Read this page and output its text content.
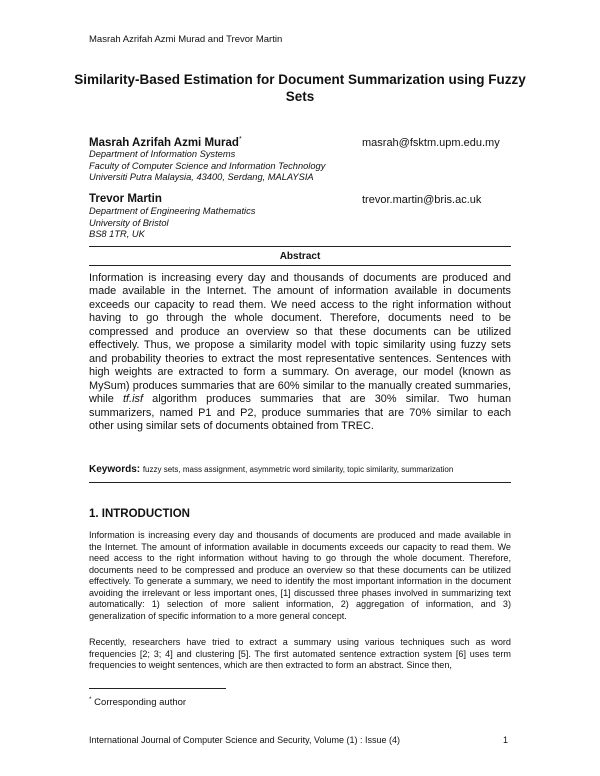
Masrah Azrifah Azmi Murad and Trevor Martin
Similarity-Based Estimation for Document Summarization using Fuzzy Sets
Masrah Azrifah Azmi Murad*	masrah@fsktm.upm.edu.my
Department of Information Systems
Faculty of Computer Science and Information Technology
Universiti Putra Malaysia, 43400, Serdang, MALAYSIA
Trevor Martin	trevor.martin@bris.ac.uk
Department of Engineering Mathematics
University of Bristol
BS8 1TR, UK
Abstract
Information is increasing every day and thousands of documents are produced and made available in the Internet. The amount of information available in documents exceeds our capacity to read them. We need access to the right information without having to go through the whole document. Therefore, documents need to be compressed and produce an overview so that these documents can be utilized effectively. Thus, we propose a similarity model with topic similarity using fuzzy sets and probability theories to extract the most representative sentences. Sentences with high weights are extracted to form a summary. On average, our model (known as MySum) produces summaries that are 60% similar to the manually created summaries, while tf.isf algorithm produces summaries that are 30% similar. Two human summarizers, named P1 and P2, produce summaries that are 70% similar to each other using similar sets of documents obtained from TREC.
Keywords: fuzzy sets, mass assignment, asymmetric word similarity, topic similarity, summarization
1. INTRODUCTION
Information is increasing every day and thousands of documents are produced and made available in the Internet. The amount of information available in documents exceeds our capacity to read them. We need access to the right information without having to go through the whole document. Therefore, documents need to be compressed and produce an overview so that these documents can be utilized effectively. To generate a summary, we need to identify the most important information in the document avoiding the irrelevant or less important ones, [1] discussed three phases involved in summarizing text automatically: 1) selection of more salient information, 2) aggregation of information, and 3) generalization of specific information to a more general concept.
Recently, researchers have tried to extract a summary using various techniques such as word frequencies [2; 3; 4] and clustering [5]. The first automated sentence extraction system [6] uses term frequencies to weight sentences, which are then extracted to form an abstract. Since then,
* Corresponding author
International Journal of Computer Science and Security, Volume (1) : Issue (4)	1
